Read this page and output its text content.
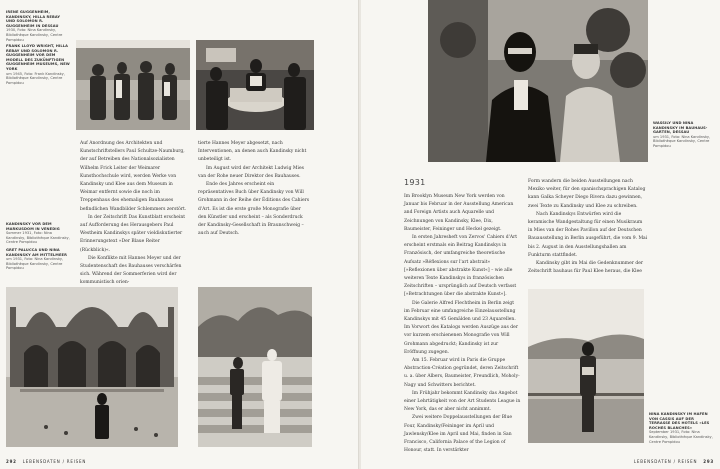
IRENE GUGGENHEIM, KANDINSKY, HILLA REBAY UND SOLOMON R. GUGGENHEIM IN DESSAU
1930, Foto: Nina Kandinsky, Bibliothèque Kandinsky, Centre Pompidou
FRANK LLOYD WRIGHT, HILLA REBAY UND SOLOMON R. GUGGENHEIM VOR DEM MODELL DES ZUKÜNFTIGEN GUGGENHEIM MUSEUMS, NEW YORK
um 1945, Foto: Frank Kandinsky, Bibliothèque Kandinsky, Centre Pompidou

Auf Anordnung des Architekten und Kunstschriftstellers Paul Schultze-Naumburg, der auf Betreiben des Nationalsozialisten Wilhelm Frick Leiter der Weimarer Kunsthochschule wird, werden Werke von Kandinsky und Klee aus dem Museum in Weimar entfernt sowie die noch im Treppenhaus des ehemaligen Bauhauses befindlichen Wandbilder Schlemmers zerstört.

In der Zeitschrift Das Kunstblatt erscheint auf Aufforderung des Herausgebers Paul Westheim Kandinskys später vieldiskutierter Erinnerungstext »Der Blaue Reiter (Rückblick)«.

Die Konflikte mit Hannes Meyer und der Studentenschaft des Bauhauses verschärfen sich. Während der Sommerferien wird der kommunistisch orien-

tierte Hannes Meyer abgesetzt, nach Interventionen, an denen auch Kandinsky nicht unbeteiligt ist.

Im August wird der Architekt Ludwig Mies van der Rohe neuer Direktor des Bauhauses.

Ende des Jahres erscheint ein repräsentatives Buch über Kandinsky von Will Grohmann in der Reihe der Éditions des Cahiers d'Art. Es ist die erste große Monografie über den Künstler und erscheint – als Sonderdruck der Kandinsky-Gesellschaft in Braunschweig – auch auf Deutsch.

KANDINSKY VOR DEM MARKUSDOM IN VENEDIG
Sommer 1931, Foto: Nina Kandinsky, Bibliothèque Kandinsky, Centre Pompidou
GRET PALUCCA UND NINA KANDINSKY AM MITTELMEER
um 1931, Foto: Nina Kandinsky, Bibliothèque Kandinsky, Centre Pompidou
292 LEBENSDATEN / REISEN
WASSILY UND NINA KANDINSKY IM BAUHAUS-GARTEN, DESSAU
um 1931, Foto: Nina Kandinsky, Bibliothèque Kandinsky, Centre Pompidou
1931

Im Brooklyn Museum New York werden von Januar bis Februar in der Ausstellung American and Foreign Artists auch Aquarelle und Zeichnungen von Kandinsky, Klee, Dix, Baumeister, Feininger und Heckel gezeigt.

In ersten Jahresheft von Zervos' Cahiers d'Art erscheint erstmals ein Beitrag Kandinskys in Französisch, der umfangreiche theoretische Aufsatz »Réflexions sur l'art abstrait« [»Reflexionen über abstrakte Kunst«] – wie alle weiteren Texte Kandinskys in französischen Zeitschriften – ursprünglich auf Deutsch verfasst [»Betrachtungen über die abstrakte Kunst«].

Die Galerie Alfred Flechtheim in Berlin zeigt im Februar eine umfangreiche Einzelausstellung Kandinskys mit 45 Gemälden und 23 Aquarellen. Im Vorwort des Katalogs werden Auszüge aus der vor kurzem erschienenen Monografie von Will Grohmann abgedruckt; Kandinsky ist zur Eröffnung zugegen.

Am 15. Februar wird in Paris die Gruppe Abstraction-Création gegründet, deren Zeitschrift u. a. über Albers, Baumeister, Freundlich, Moholy-Nagy und Schwitters berichtet.

Im Frühjahr bekommt Kandinsky das Angebot einer Lehrtätigkeit von der Art Students League in New York, das er aber nicht annimmt.

Zwei weitere Doppelausstellungen der Blue Four, Kandinsky/Feininger im April und Jawlensky/Klee im April und Mai, finden in San Francisco, California Palace of the Legion of Honour, statt. In verstärkter

Form wandern die beiden Ausstellungen nach Mexiko weiter, für den spanischsprachigen Katalog kann Galka Scheyer Diego Rivera dazu gewinnen, zwei Texte zu Kandinsky und Klee zu schreiben.

Nach Kandinskys Entwürfen wird die keramische Wandgestaltung für einen Musikraum in Mies van der Rohes Pavillon auf der Deutschen Bauausstellung in Berlin ausgeführt, die vom 9. Mai bis 2. August in den Ausstellungshallen am Funkturm stattfindet.

Kandinsky gibt im Mai die Gedenknummer der Zeitschrift bauhaus für Paul Klee heraus, die Klee

NINA KANDINSKY IM HAFEN VON CASSIS AUF DER TERRASSE DES HOTELS »LES ROCHES BLANCHES«
September 1931, Foto: Nina Kandinsky, Bibliothèque Kandinsky, Centre Pompidou
LEBENSDATEN / REISEN 293
